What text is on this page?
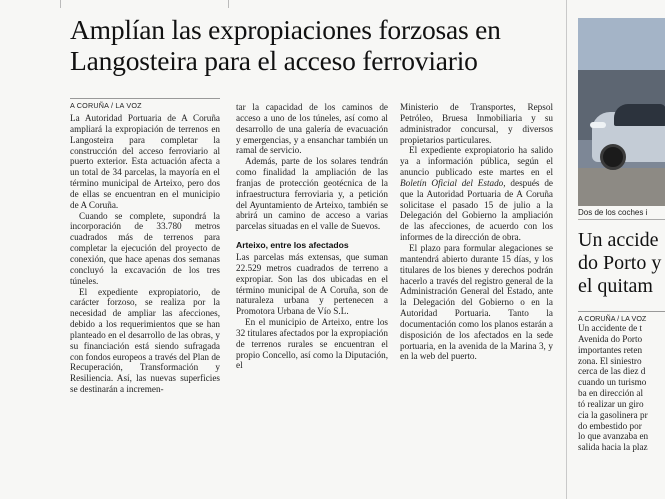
Amplían las expropiaciones forzosas en Langosteira para el acceso ferroviario
A CORUÑA / LA VOZ

La Autoridad Portuaria de A Coruña ampliará la expropiación de terrenos en Langosteira para completar la construcción del acceso ferroviario al puerto exterior. Esta actuación afecta a un total de 34 parcelas, la mayoría en el término municipal de Arteixo, pero dos de ellas se encuentran en el municipio de A Coruña.

Cuando se complete, supondrá la incorporación de 33.780 metros cuadrados más de terrenos para completar la ejecución del proyecto de conexión, que hace apenas dos semanas concluyó la excavación de los tres túneles.

El expediente expropiatorio, de carácter forzoso, se realiza por la necesidad de ampliar las afecciones, debido a los requerimientos que se han planteado en el desarrollo de las obras, y su financiación está siendo sufragada con fondos europeos a través del Plan de Recuperación, Transformación y Resiliencia. Así, las nuevas superficies se destinarán a incremen-

tar la capacidad de los caminos de acceso a uno de los túneles, así como al desarrollo de una galería de evacuación y emergencias, y a ensanchar también un ramal de servicio.

Además, parte de los solares tendrán como finalidad la ampliación de las franjas de protección geotécnica de la infraestructura ferroviaria y, a petición del Ayuntamiento de Arteixo, también se abrirá un camino de acceso a varias parcelas situadas en el valle de Suevos.

Arteixo, entre los afectados

Las parcelas más extensas, que suman 22.529 metros cuadrados de terreno a expropiar. Son las dos ubicadas en el término municipal de A Coruña, son de naturaleza urbana y pertenecen a Promotora Urbana de Vío S.L.

En el municipio de Arteixo, entre los 32 titulares afectados por la expropiación de terrenos rurales se encuentran el propio Concello, así como la Diputación, el

Ministerio de Transportes, Repsol Petróleo, Bruesa Inmobiliaria y su administrador concursal, y diversos propietarios particulares.

El expediente expropiatorio ha salido ya a información pública, según el anuncio publicado este martes en el Boletín Oficial del Estado, después de que la Autoridad Portuaria de A Coruña solicitase el pasado 15 de julio a la Delegación del Gobierno la ampliación de las afecciones, de acuerdo con los informes de la dirección de obra.

El plazo para formular alegaciones se mantendrá abierto durante 15 días, y los titulares de los bienes y derechos podrán hacerlo a través del registro general de la Administración General del Estado, ante la Delegación del Gobierno o en la Autoridad Portuaria. Tanto la documentación como los planos estarán a disposición de los afectados en la sede portuaria, en la avenida de la Marina 3, y en la web del puerto.

Dos de los coches i
Un accide
do Porto y
el quitam
A CORUÑA / LA VOZ
Un accidente de t
Avenida do Porto
importantes reten
zona. El siniestro
cerca de las diez d
cuando un turismo
ba en dirección al
tó realizar un giro
cia la gasolinera pr
do embestido por
lo que avanzaba en
salida hacia la plaz
